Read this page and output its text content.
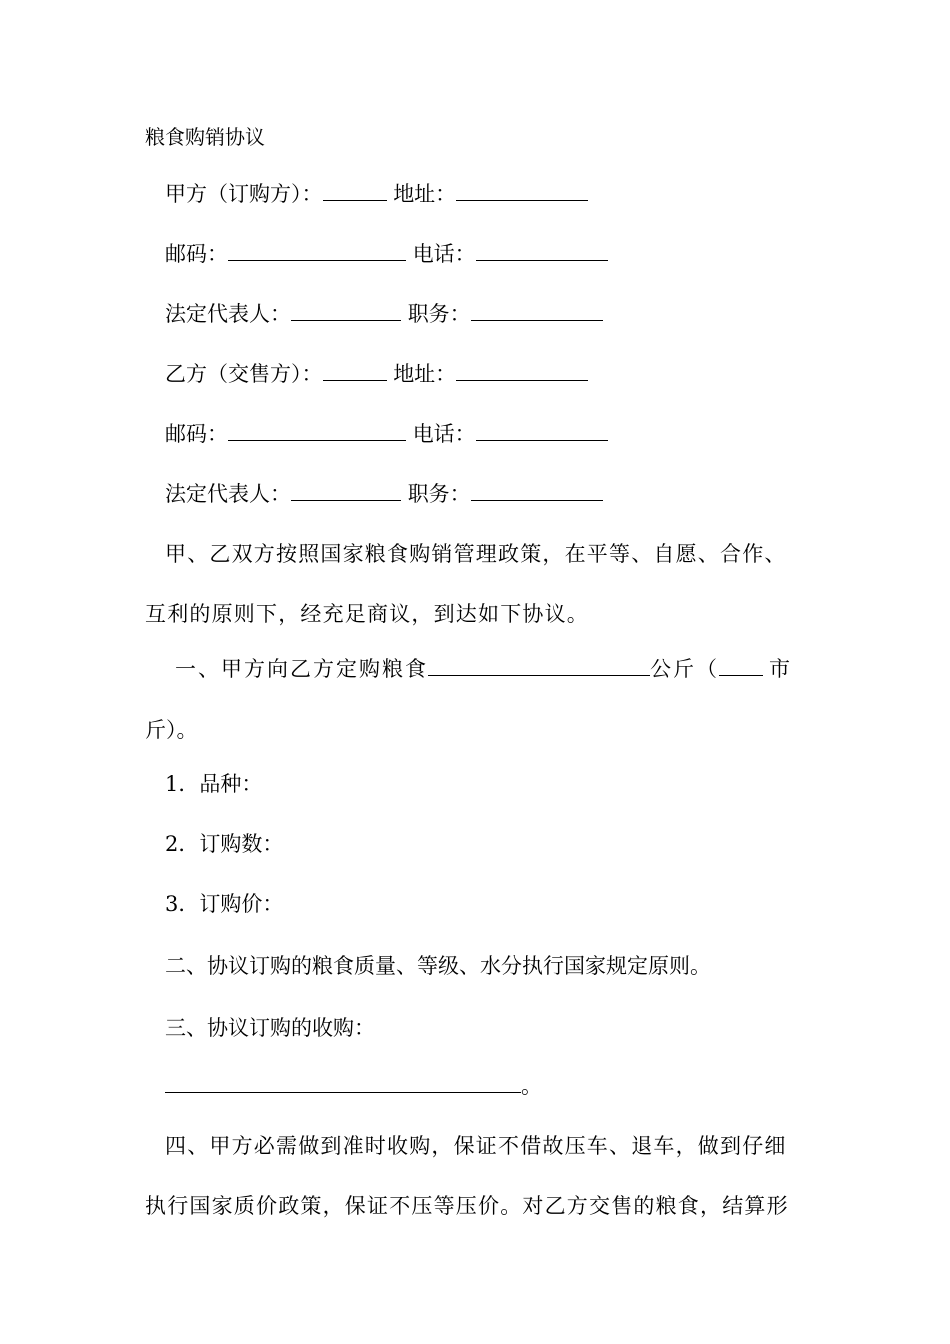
粮食购销协议
甲方（订购方）：	地址：
邮码：	电话：
法定代表人：	职务：
乙方（交售方）：	地址：
邮码：	电话：
法定代表人：	职务：
甲、乙双方按照国家粮食购销管理政策，在平等、自愿、合作、
互利的原则下，经充足商议，到达如下协议。
一、甲方向乙方定购粮食	公斤（ 市
斤）。
1．品种：
2．订购数：
3．订购价：
二、协议订购的粮食质量、等级、水分执行国家规定原则。
三、协议订购的收购：
。
四、甲方必需做到准时收购，保证不借故压车、退车，做到仔细
执行国家质价政策，保证不压等压价。对乙方交售的粮食，结算形
